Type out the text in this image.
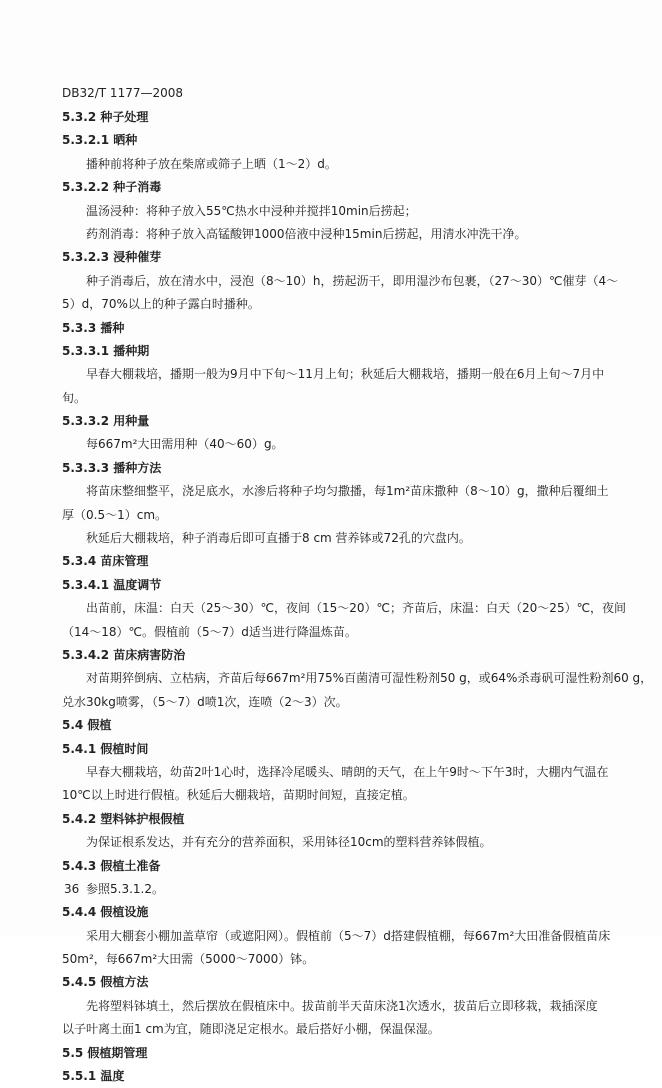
DB32/T 1177—2008
5.3.2 种子处理
5.3.2.1 晒种
播种前将种子放在柴席或筛子上晒（1～2）d。
5.3.2.2 种子消毒
温汤浸种：将种子放入55℃热水中浸种并搅拌10min后捞起；
药剂消毒：将种子放入高锰酸钾1000倍液中浸种15min后捞起，用清水冲洗干净。
5.3.2.3 浸种催芽
种子消毒后，放在清水中，浸泡（8～10）h，捞起沥干，即用湿沙布包裹，（27～30）℃催芽（4～
5）d，70%以上的种子露白时播种。
5.3.3 播种
5.3.3.1 播种期
早春大棚栽培，播期一般为9月中下旬～11月上旬；秋延后大棚栽培，播期一般在6月上旬～7月中
旬。
5.3.3.2 用种量
每667m²大田需用种（40～60）g。
5.3.3.3 播种方法
将苗床整细整平，浇足底水，水渗后将种子均匀撒播，每1m²苗床撒种（8～10）g，撒种后覆细土
厚（0.5～1）cm。
秋延后大棚栽培，种子消毒后即可直播于8 cm 营养钵或72孔的穴盘内。
5.3.4 苗床管理
5.3.4.1 温度调节
出苗前，床温：白天（25～30）℃，夜间（15～20）℃；齐苗后，床温：白天（20～25）℃，夜间
（14～18）℃。假植前（5～7）d适当进行降温炼苗。
5.3.4.2 苗床病害防治
对苗期猝倒病、立枯病，齐苗后每667m²用75%百菌清可湿性粉剂50 g，或64%杀毒矾可湿性粉剂60 g，
兑水30kg喷雾，（5～7）d喷1次，连喷（2～3）次。
5.4 假植
5.4.1 假植时间
早春大棚栽培，幼苗2叶1心时，选择冷尾暖头、晴朗的天气，在上午9时～下午3时，大棚内气温在
10℃以上时进行假植。秋延后大棚栽培，苗期时间短，直接定植。
5.4.2 塑料钵护根假植
为保证根系发达，并有充分的营养面积，采用钵径10cm的塑料营养钵假植。
5.4.3 假植土准备
参照5.3.1.2。
5.4.4 假植设施
采用大棚套小棚加盖草帘（或遮阳网）。假植前（5～7）d搭建假植棚，每667m²大田准备假植苗床
50m²，每667m²大田需（5000～7000）钵。
5.4.5 假植方法
先将塑料钵填土，然后摆放在假植床中。拔苗前半天苗床浇1次透水，拔苗后立即移栽，栽插深度
以子叶离土面1 cm为宜，随即浇足定根水。最后搭好小棚，保温保湿。
5.5 假植期管理
5.5.1 温度
36
